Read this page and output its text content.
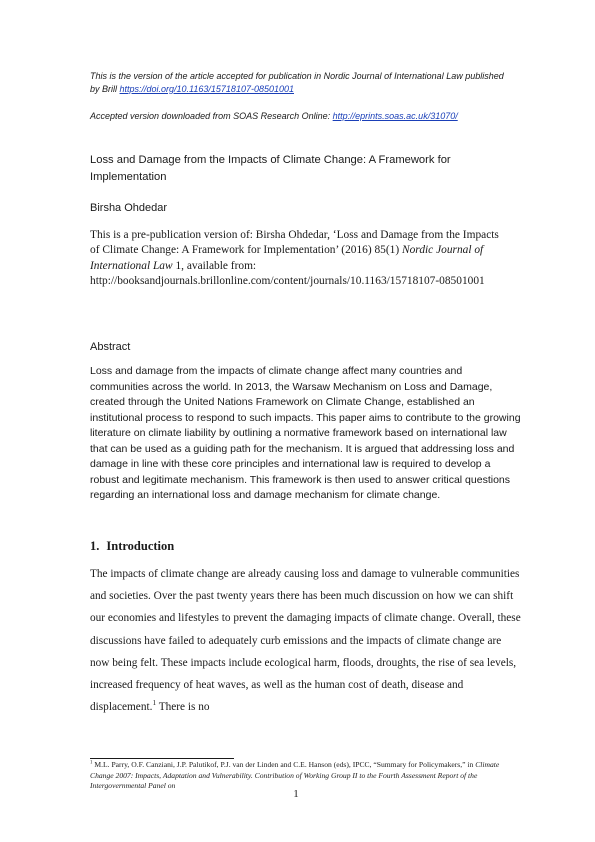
This is the version of the article accepted for publication in Nordic Journal of International Law published by Brill https://doi.org/10.1163/15718107-08501001
Accepted version downloaded from SOAS Research Online: http://eprints.soas.ac.uk/31070/
Loss and Damage from the Impacts of Climate Change: A Framework for Implementation
Birsha Ohdedar
This is a pre-publication version of: Birsha Ohdedar, ‘Loss and Damage from the Impacts of Climate Change: A Framework for Implementation’ (2016) 85(1) Nordic Journal of International Law 1, available from: http://booksandjournals.brillonline.com/content/journals/10.1163/15718107-08501001
Abstract
Loss and damage from the impacts of climate change affect many countries and communities across the world. In 2013, the Warsaw Mechanism on Loss and Damage, created through the United Nations Framework on Climate Change, established an institutional process to respond to such impacts. This paper aims to contribute to the growing literature on climate liability by outlining a normative framework based on international law that can be used as a guiding path for the mechanism. It is argued that addressing loss and damage in line with these core principles and international law is required to develop a robust and legitimate mechanism. This framework is then used to answer critical questions regarding an international loss and damage mechanism for climate change.
1. Introduction
The impacts of climate change are already causing loss and damage to vulnerable communities and societies. Over the past twenty years there has been much discussion on how we can shift our economies and lifestyles to prevent the damaging impacts of climate change. Overall, these discussions have failed to adequately curb emissions and the impacts of climate change are now being felt. These impacts include ecological harm, floods, droughts, the rise of sea levels, increased frequency of heat waves, as well as the human cost of death, disease and displacement.$^1$ There is no
$^1$ M.L. Parry, O.F. Canziani, J.P. Palutikof, P.J. van der Linden and C.E. Hanson (eds), IPCC, “Summary for Policymakers,” in Climate Change 2007: Impacts, Adaptation and Vulnerability. Contribution of Working Group II to the Fourth Assessment Report of the Intergovernmental Panel on
1
